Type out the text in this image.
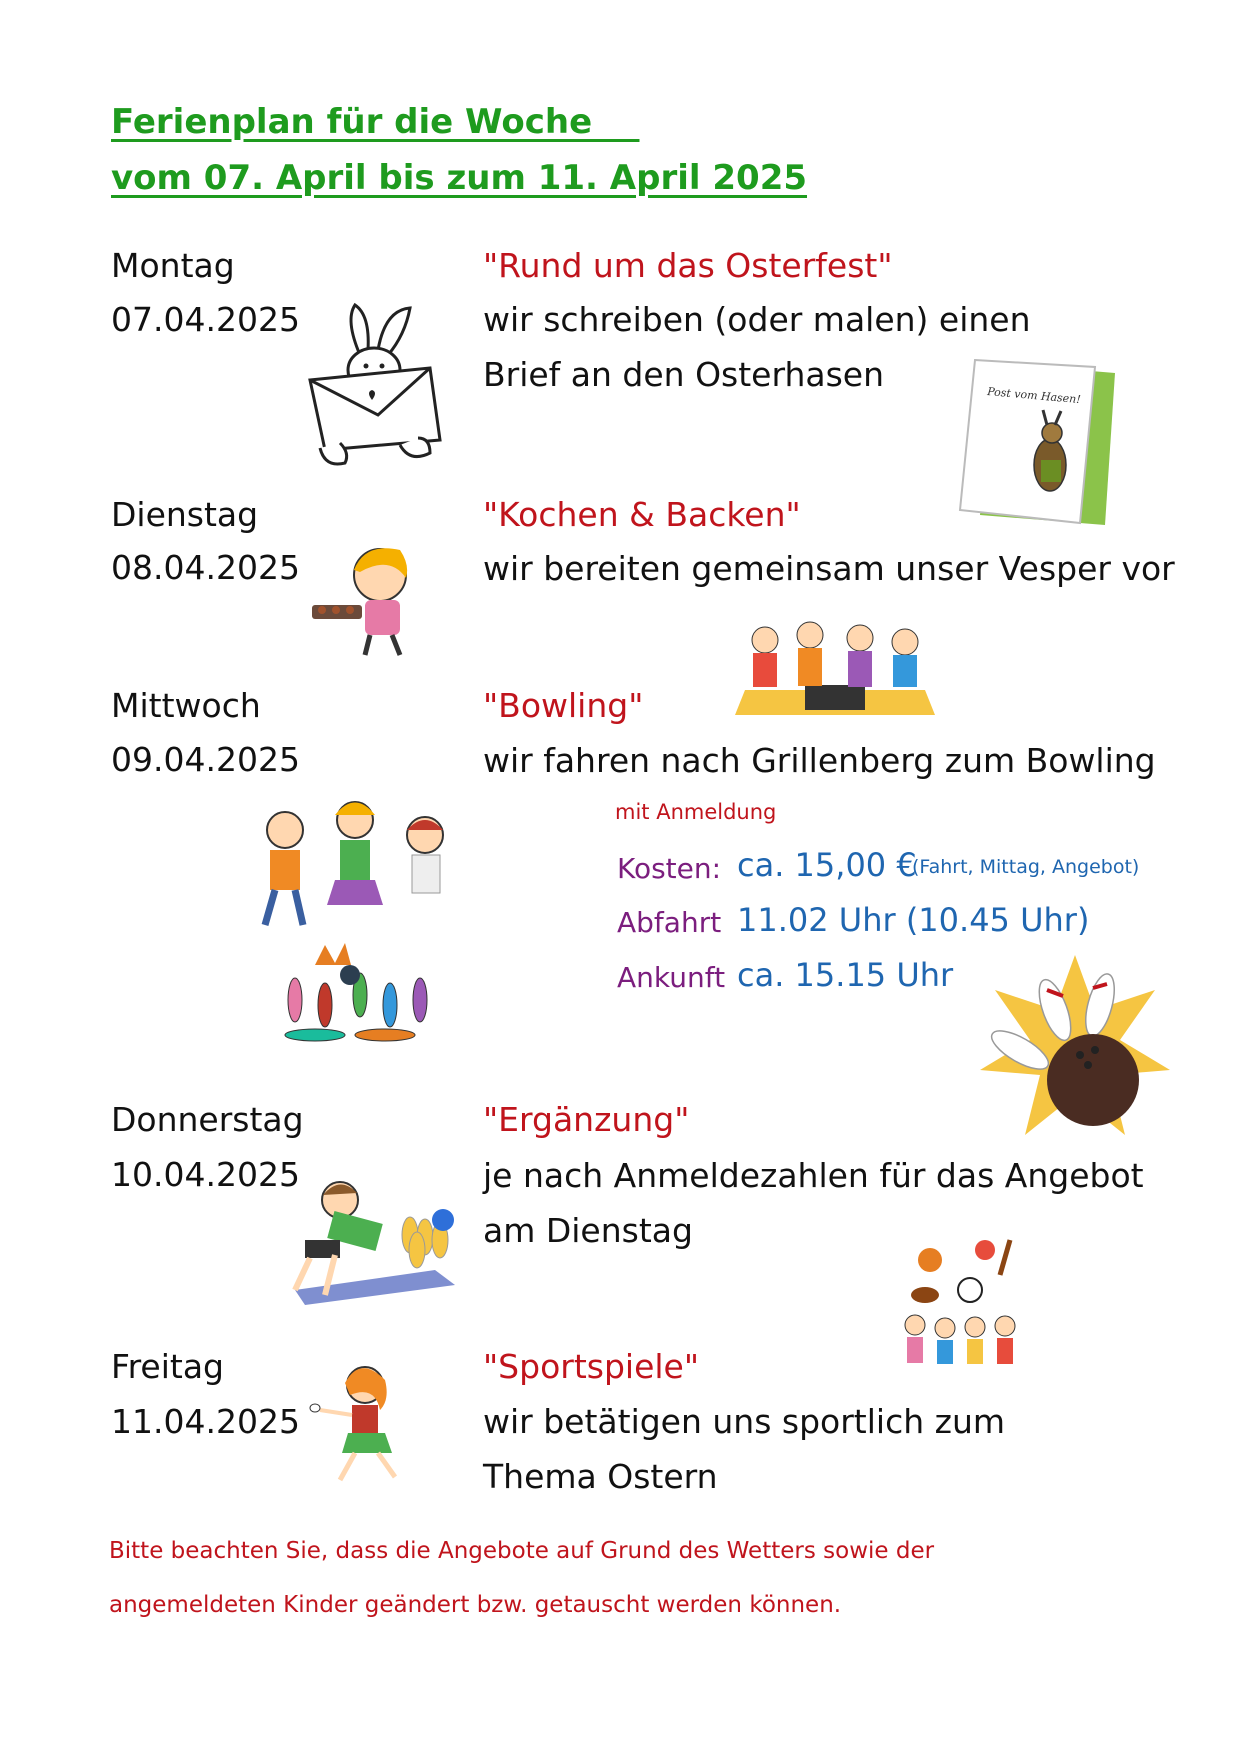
Ferienplan für die Woche
vom 07. April bis zum 11. April 2025
Montag
07.04.2025
"Rund um das Osterfest"
wir schreiben (oder malen) einen Brief an den Osterhasen
Post vom Hasen!
Dienstag
08.04.2025
"Kochen & Backen"
wir bereiten gemeinsam unser Vesper vor
Mittwoch
09.04.2025
"Bowling"
wir fahren nach Grillenberg zum Bowling
mit Anmeldung
Kosten: ca. 15,00 €
(Fahrt, Mittag, Angebot)
Abfahrt 11.02 Uhr (10.45 Uhr)
Ankunft ca. 15.15 Uhr
Donnerstag
10.04.2025
"Ergänzung"
je nach Anmeldezahlen für das Angebot am Dienstag
Freitag
11.04.2025
"Sportspiele"
wir betätigen uns sportlich zum Thema Ostern
Bitte beachten Sie, dass die Angebote auf Grund des Wetters sowie der
angemeldeten Kinder geändert bzw. getauscht werden können.
